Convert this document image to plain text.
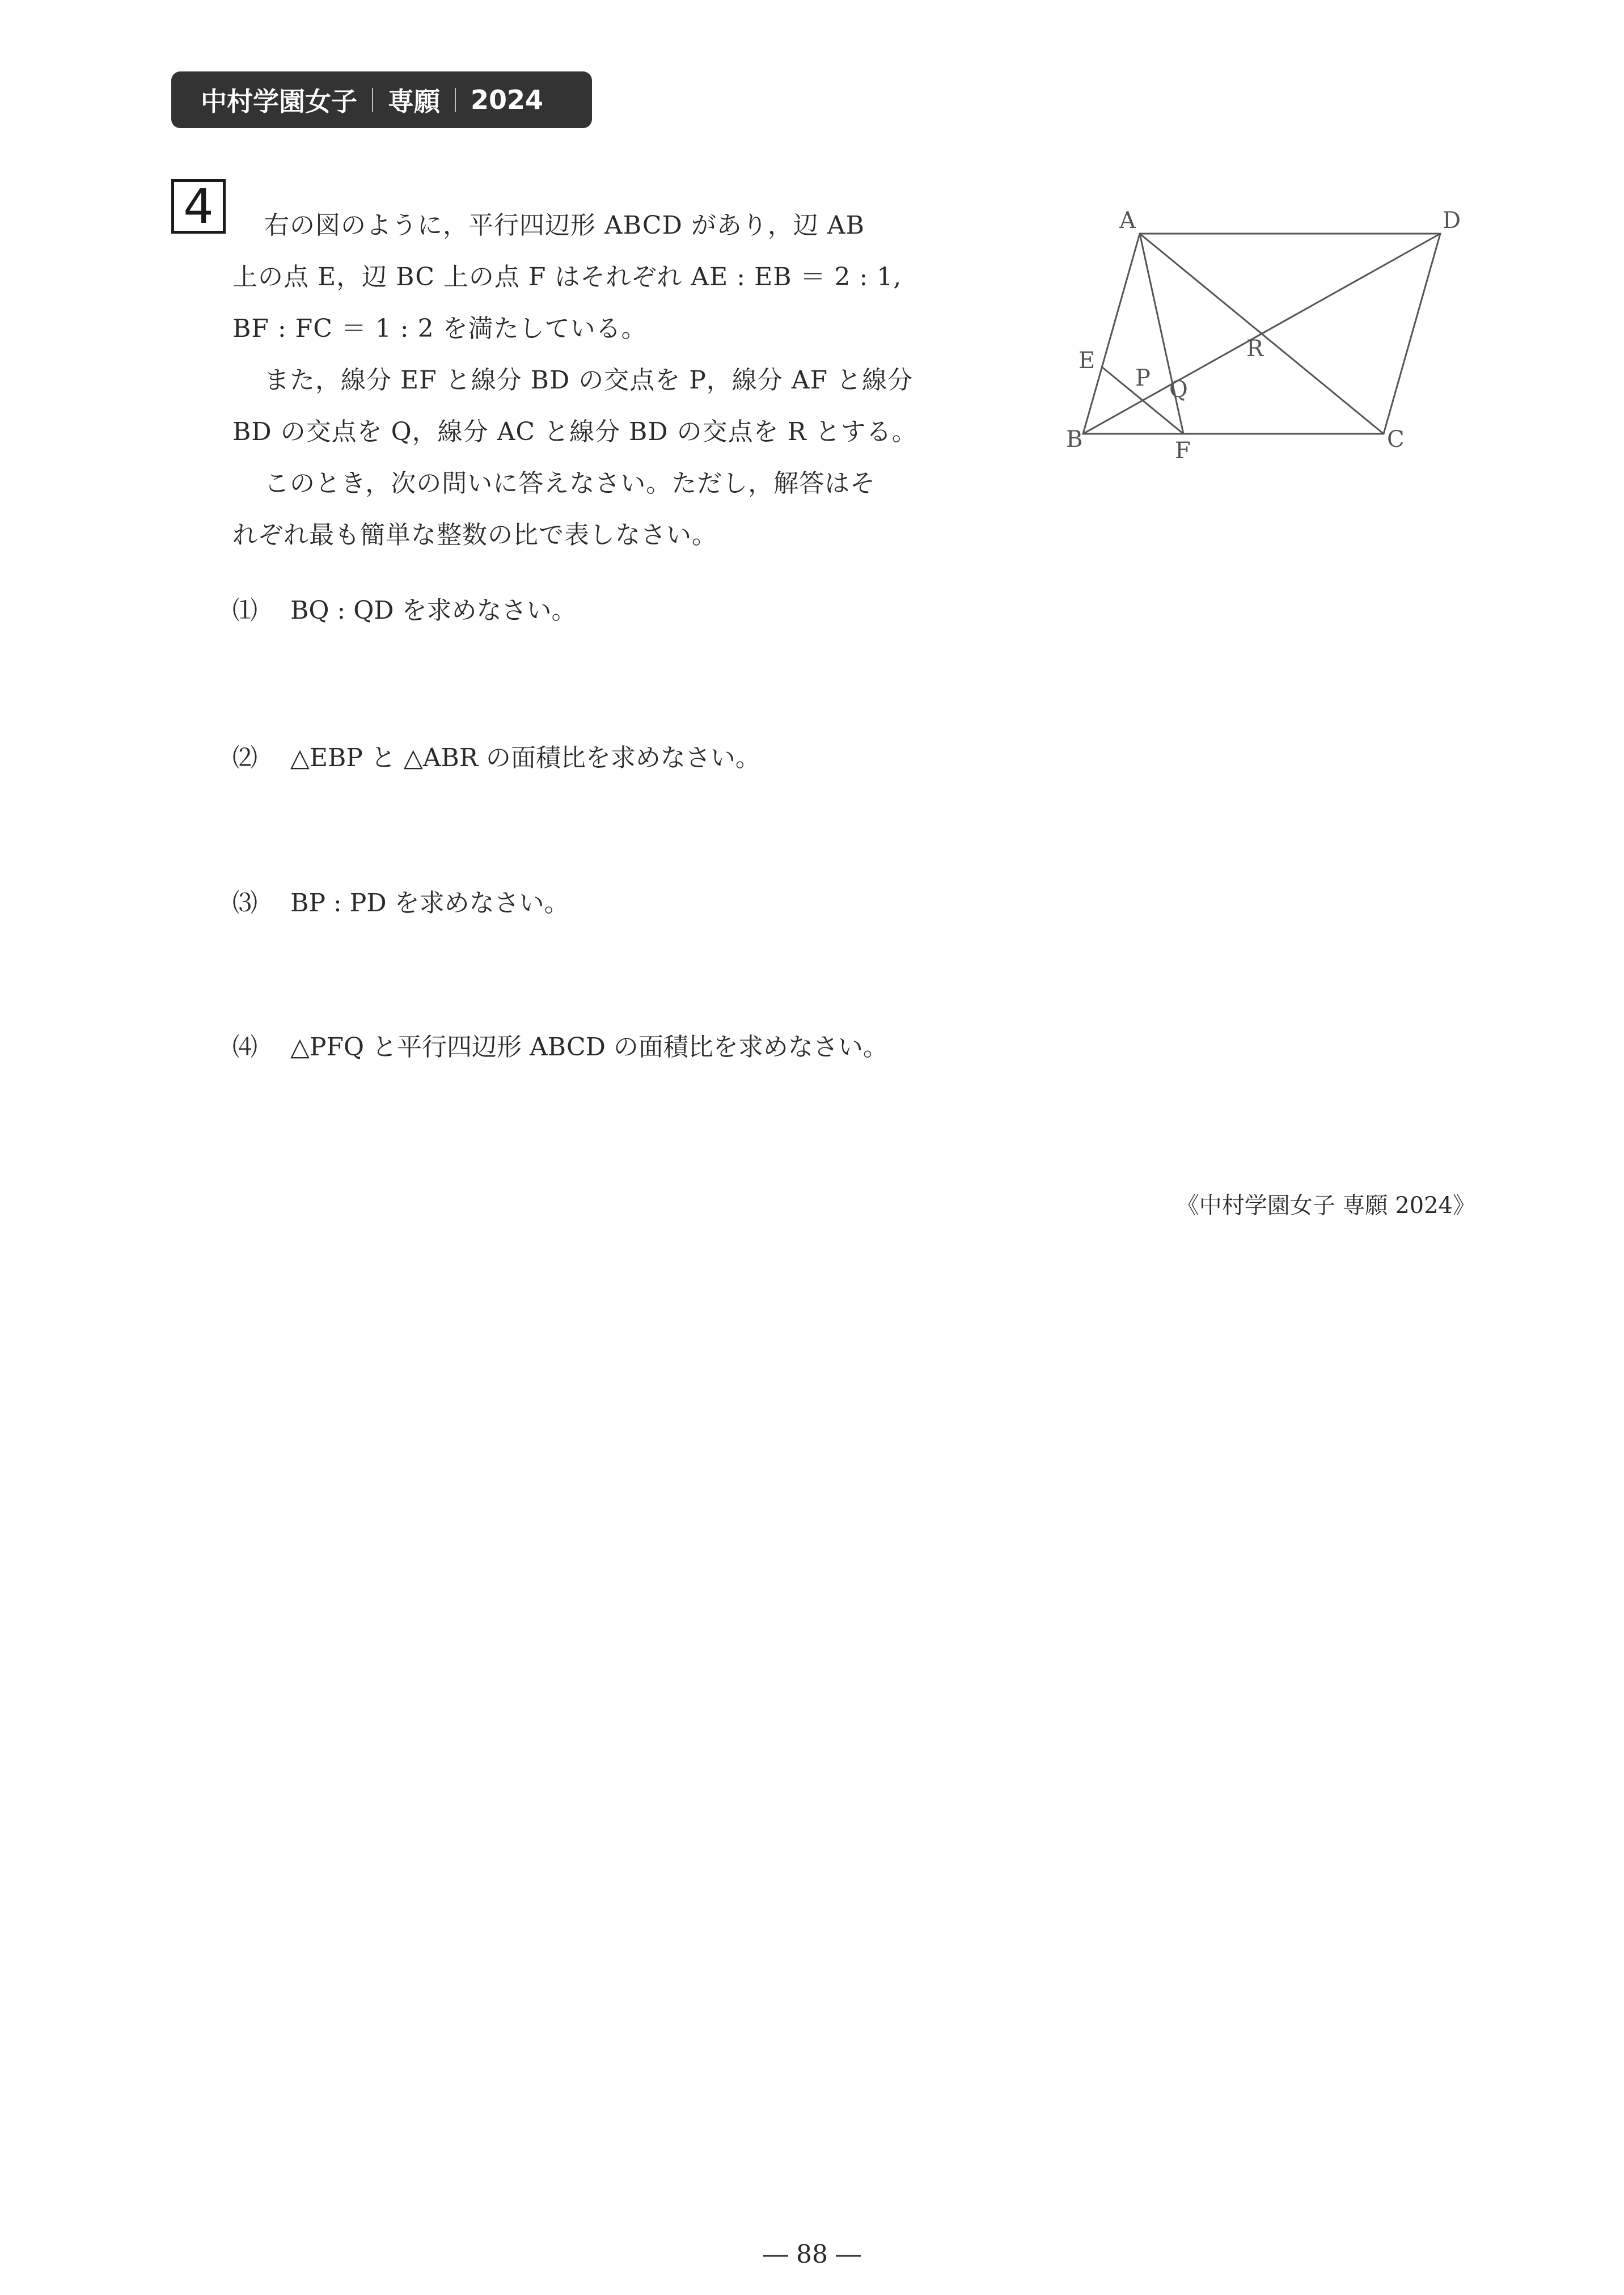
中村学園女子 専願 2024
4	右の図のように，平行四辺形 ABCD があり，辺 AB
上の点 E，辺 BC 上の点 F はそれぞれ AE : EB ＝ 2 : 1,
BF : FC ＝ 1 : 2 を満たしている。

また，線分 EF と線分 BD の交点を P，線分 AF と線分
BD の交点を Q，線分 AC と線分 BD の交点を R とする。

このとき，次の問いに答えなさい。ただし，解答はそ
れぞれ最も簡単な整数の比で表しなさい。

A	D
E
P Q
R
B	F	C
⑴ BQ : QD を求めなさい。
⑵ △EBP と △ABR の面積比を求めなさい。
⑶ BP : PD を求めなさい。
⑷ △PFQ と平行四辺形 ABCD の面積比を求めなさい。
《中村学園女子 専願 2024》
― 88 ―
